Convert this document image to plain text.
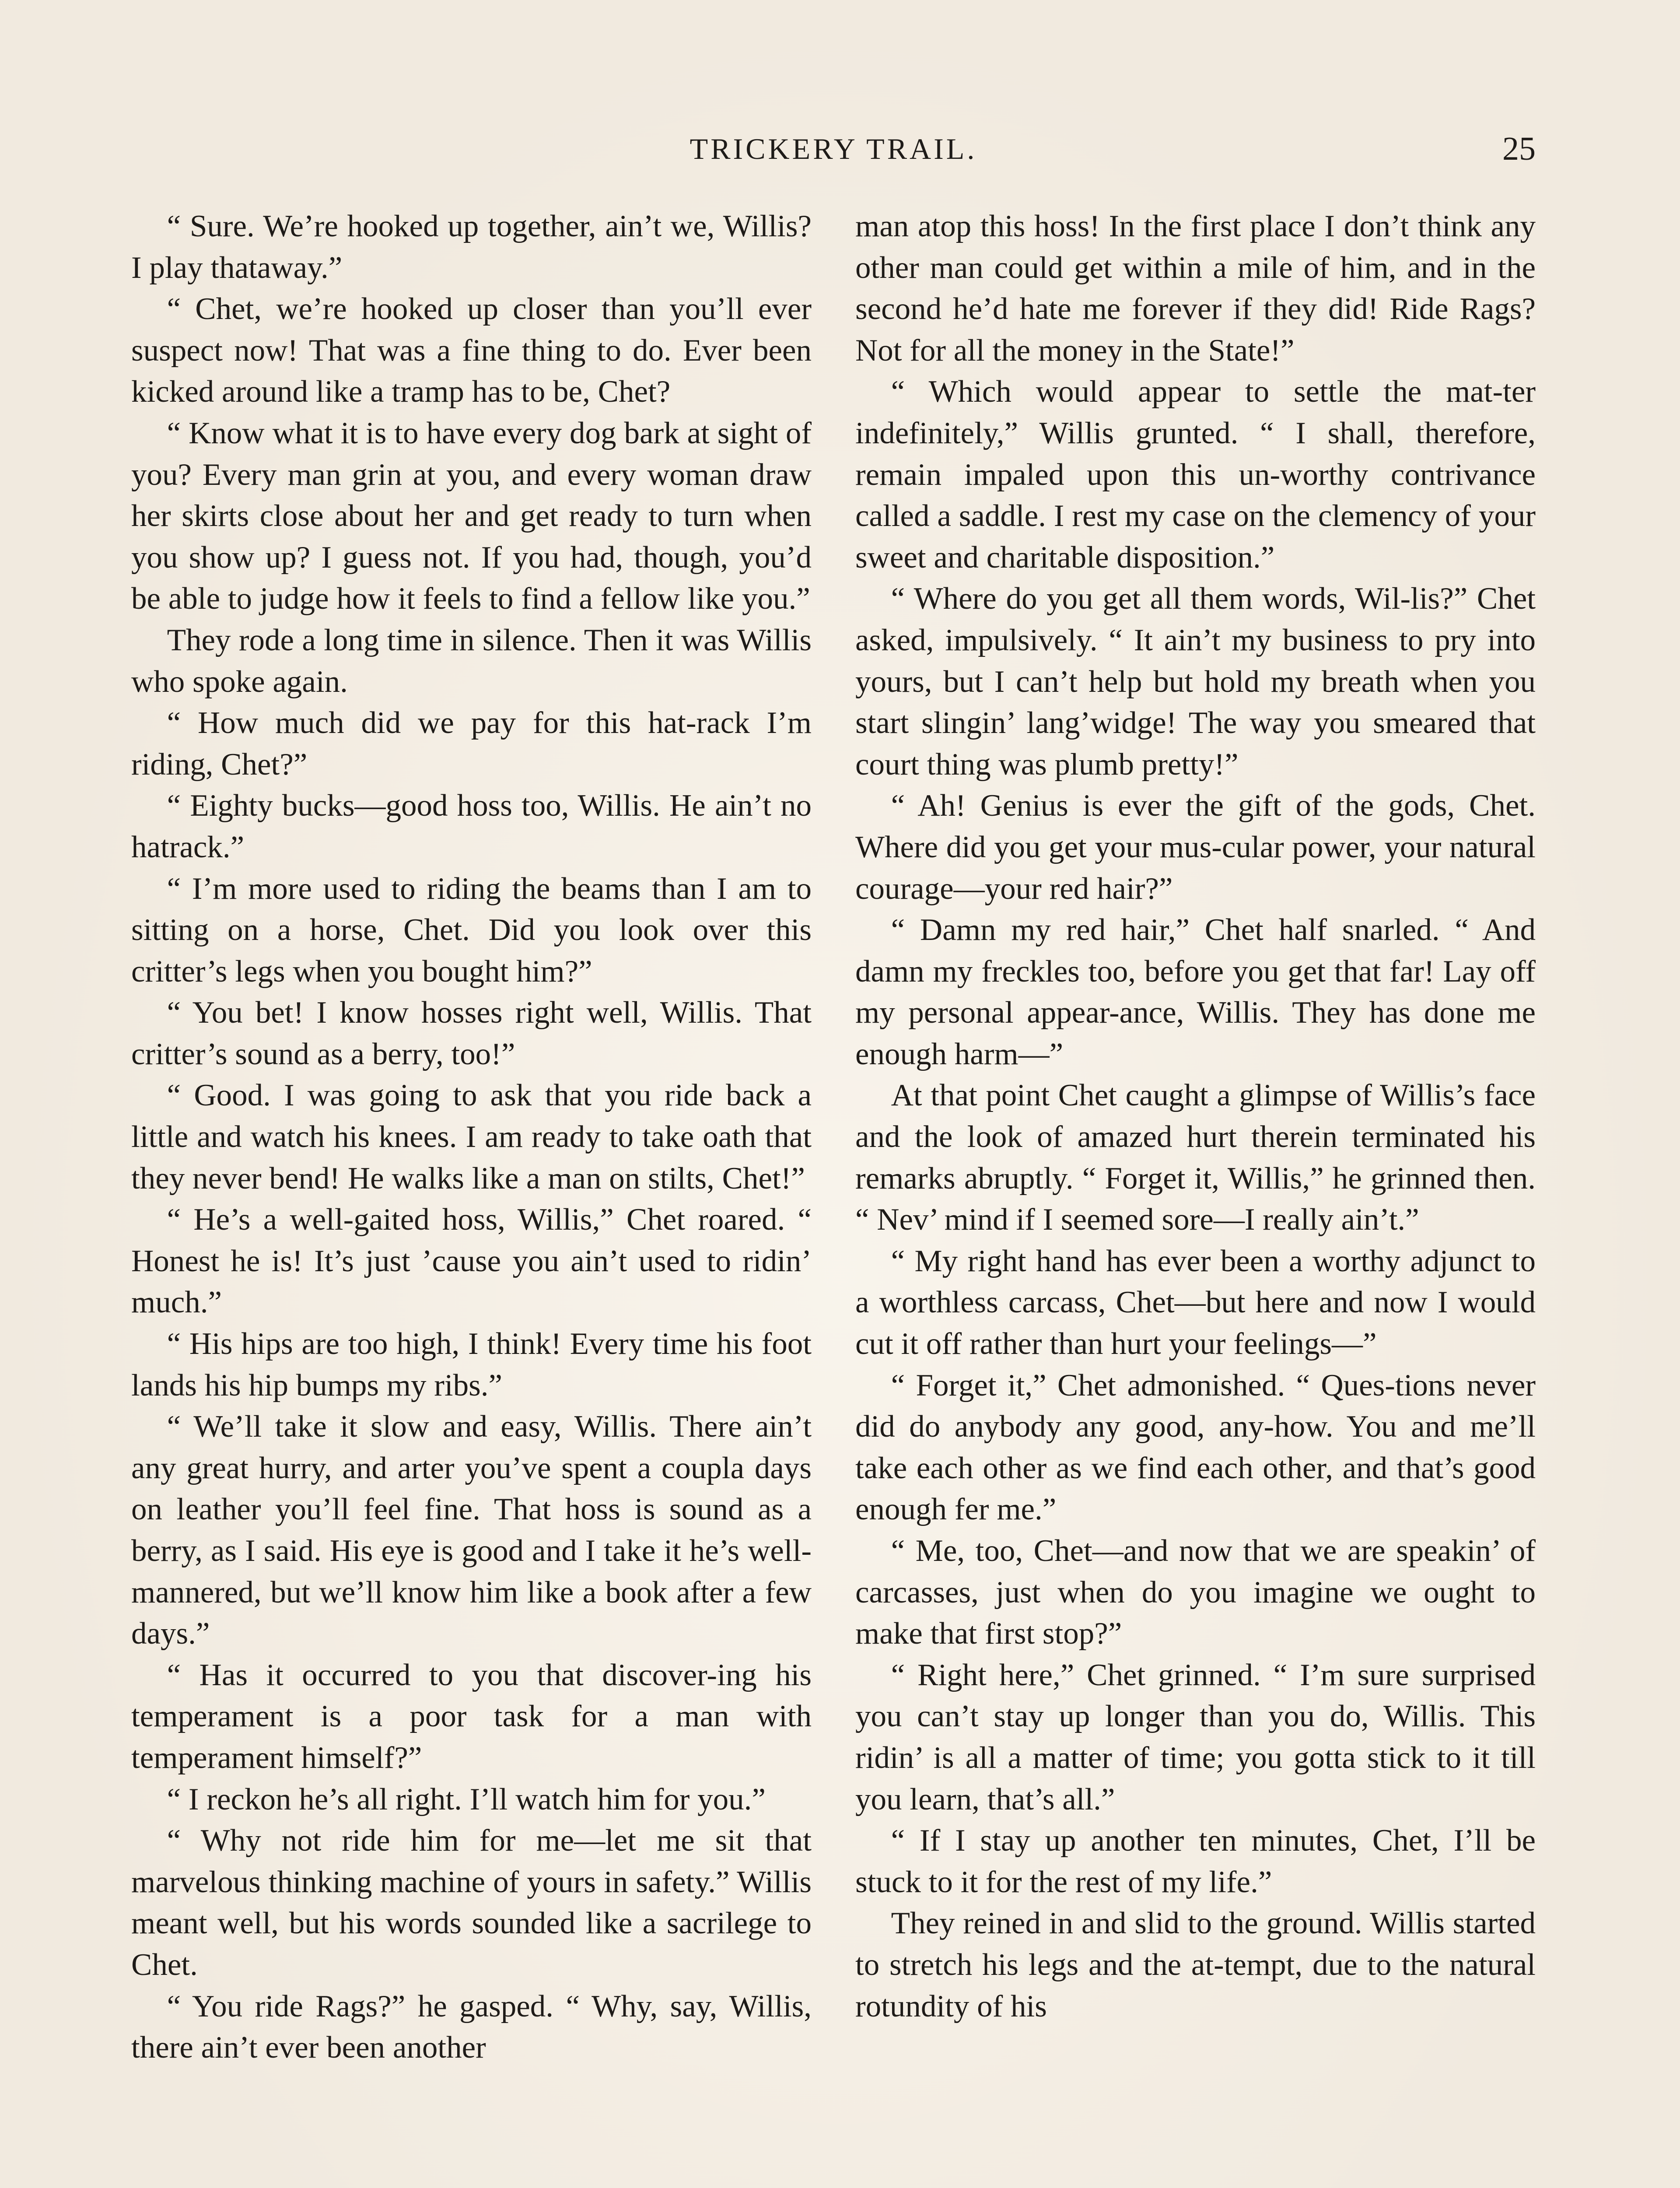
TRICKERY TRAIL.	25

“ Sure. We’re hooked up together, ain’t we, Willis? I play thataway.”

“ Chet, we’re hooked up closer than you’ll ever suspect now! That was a fine thing to do. Ever been kicked around like a tramp has to be, Chet?

“ Know what it is to have every dog bark at sight of you? Every man grin at you, and every woman draw her skirts close about her and get ready to turn when you show up? I guess not. If you had, though, you’d be able to judge how it feels to find a fellow like you.”

They rode a long time in silence. Then it was Willis who spoke again.

“ How much did we pay for this hat-rack I’m riding, Chet?”

“ Eighty bucks—good hoss too, Willis. He ain’t no hatrack.”

“ I’m more used to riding the beams than I am to sitting on a horse, Chet. Did you look over this critter’s legs when you bought him?”

“ You bet! I know hosses right well, Willis. That critter’s sound as a berry, too!”

“ Good. I was going to ask that you ride back a little and watch his knees. I am ready to take oath that they never bend! He walks like a man on stilts, Chet!”

“ He’s a well-gaited hoss, Willis,” Chet roared. “ Honest he is! It’s just ’cause you ain’t used to ridin’ much.”

“ His hips are too high, I think! Every time his foot lands his hip bumps my ribs.”

“ We’ll take it slow and easy, Willis. There ain’t any great hurry, and arter you’ve spent a coupla days on leather you’ll feel fine. That hoss is sound as a berry, as I said. His eye is good and I take it he’s well-mannered, but we’ll know him like a book after a few days.”

“ Has it occurred to you that discover-ing his temperament is a poor task for a man with temperament himself?”

“ I reckon he’s all right. I’ll watch him for you.”

“ Why not ride him for me—let me sit that marvelous thinking machine of yours in safety.” Willis meant well, but his words sounded like a sacrilege to Chet.

“ You ride Rags?” he gasped. “ Why, say, Willis, there ain’t ever been another

man atop this hoss! In the first place I don’t think any other man could get within a mile of him, and in the second he’d hate me forever if they did! Ride Rags? Not for all the money in the State!”

“ Which would appear to settle the mat-ter indefinitely,” Willis grunted. “ I shall, therefore, remain impaled upon this un-worthy contrivance called a saddle. I rest my case on the clemency of your sweet and charitable disposition.”

“ Where do you get all them words, Wil-lis?” Chet asked, impulsively. “ It ain’t my business to pry into yours, but I can’t help but hold my breath when you start slingin’ lang’widge! The way you smeared that court thing was plumb pretty!”

“ Ah! Genius is ever the gift of the gods, Chet. Where did you get your mus-cular power, your natural courage—your red hair?”

“ Damn my red hair,” Chet half snarled. “ And damn my freckles too, before you get that far! Lay off my personal appear-ance, Willis. They has done me enough harm—”

At that point Chet caught a glimpse of Willis’s face and the look of amazed hurt therein terminated his remarks abruptly. “ Forget it, Willis,” he grinned then. “ Nev’ mind if I seemed sore—I really ain’t.”

“ My right hand has ever been a worthy adjunct to a worthless carcass, Chet—but here and now I would cut it off rather than hurt your feelings—”

“ Forget it,” Chet admonished. “ Ques-tions never did do anybody any good, any-how. You and me’ll take each other as we find each other, and that’s good enough fer me.”

“ Me, too, Chet—and now that we are speakin’ of carcasses, just when do you imagine we ought to make that first stop?”

“ Right here,” Chet grinned. “ I’m sure surprised you can’t stay up longer than you do, Willis. This ridin’ is all a matter of time; you gotta stick to it till you learn, that’s all.”

“ If I stay up another ten minutes, Chet, I’ll be stuck to it for the rest of my life.”

They reined in and slid to the ground. Willis started to stretch his legs and the at-tempt, due to the natural rotundity of his
